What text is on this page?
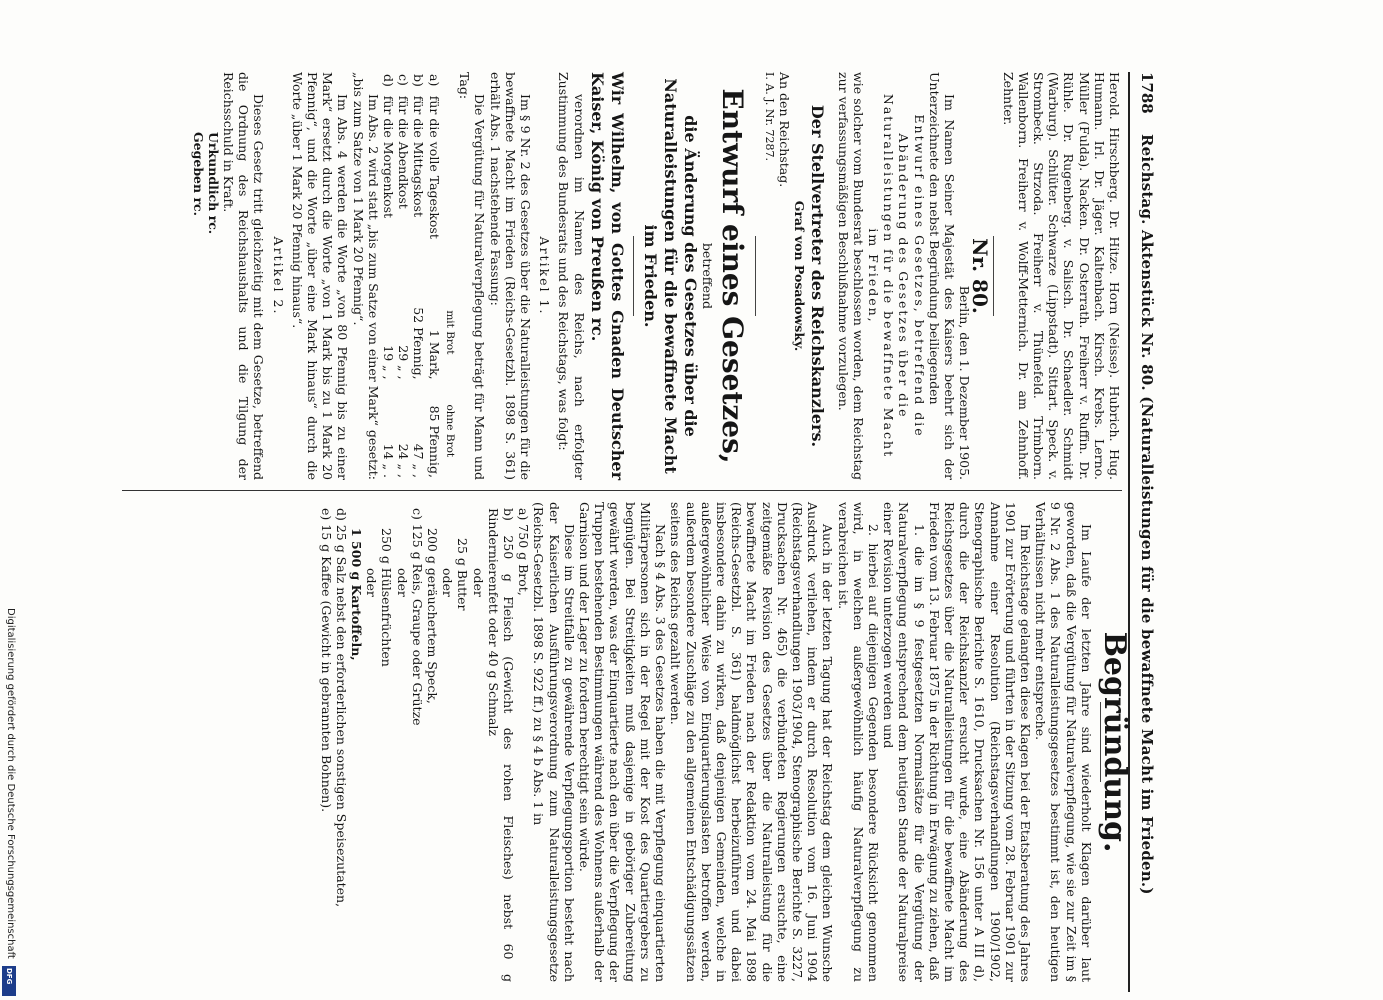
1788
Reichstag. Aktenstück Nr. 80. (Naturalleistungen für die bewaffnete Macht im Frieden.)

Herold. Hirschberg. Dr. Hitze. Horn (Neisse). Hubrich. Hug. Humann. Irl. Dr. Jäger. Kaltenbach. Kirsch. Krebs. Lerno. Müller (Fulda). Nacken. Dr. Osterrath. Freiherr v. Ruffin. Dr. Rühle. Dr. Rugenberg. v. Salisch. Dr. Schaedler. Schmidt (Warburg). Schlüter. Schwarze (Lippstadt). Sittart. Speck. v. Strombeck. Strzoda. Freiherr v. Thünefeld. Trimborn. Wallenborn. Freiherr v. Wolff-Metternich. Dr. am Zehnhoff. Zehnter.

Nr. 80.

Berlin, den 1. Dezember 1905.

Im Namen Seiner Majestät des Kaisers beehrt sich der Unterzeichnete den nebst Begründung beiliegenden

Entwurf eines Gesetzes, betreffend die Abänderung des Gesetzes über die Naturalleistungen für die bewaffnete Macht im Frieden,

wie solcher vom Bundesrat beschlossen worden, dem Reichstag zur verfassungsmäßigen Beschlußnahme vorzulegen.

Der Stellvertreter des Reichskanzlers.

Graf von Posadowsky.

An den Reichstag.

I. A. J. Nr. 7287.

Entwurf eines Gesetzes,

betreffend

die Änderung des Gesetzes über die Naturalleistungen für die bewaffnete Macht im Frieden.

Wir Wilhelm, von Gottes Gnaden Deutscher Kaiser, König von Preußen rc.

verordnen im Namen des Reichs, nach erfolgter Zustimmung des Bundesrats und des Reichstags, was folgt:

Artikel 1.

Im § 9 Nr. 2 des Gesetzes über die Naturalleistungen für die bewaffnete Macht im Frieden (Reichs-Gesetzbl. 1898 S. 361) erhält Abs. 1 nachstehende Fassung:

Die Vergütung für Naturalverpflegung beträgt für Mann und Tag:

		mit Brot	ohne Brot
a)	für die volle Tageskost	1 Mark,	85 Pfennig,
b)	für die Mittagskost	52 Pfennig,	47 „ ,
c)	für die Abendkost	29 „ ,	24 „ ,
d)	für die Morgenkost	19 „ ,	14 „ .

Im Abs. 2 wird statt „bis zum Satze von einer Mark“ gesetzt: „bis zum Satze von 1 Mark 20 Pfennig“.

Im Abs. 4 werden die Worte „von 80 Pfennig bis zu einer Mark“ ersetzt durch die Worte „von 1 Mark bis zu 1 Mark 20 Pfennig“, und die Worte „über eine Mark hinaus“ durch die Worte „über 1 Mark 20 Pfennig hinaus“.

Artikel 2.

Dieses Gesetz tritt gleichzeitig mit dem Gesetze, betreffend die Ordnung des Reichshaushalts und die Tilgung der Reichsschuld in Kraft.

Urkundlich rc.

Gegeben rc.

Begründung.

Im Laufe der letzten Jahre sind wiederholt Klagen darüber laut geworden, daß die Vergütung für Naturalverpflegung, wie sie zur Zeit im § 9 Nr. 2 Abs. 1 des Naturalleistungsgesetzes bestimmt ist, den heutigen Verhältnissen nicht mehr entspreche.

Im Reichstage gelangten diese Klagen bei der Etatsberatung des Jahres 1901 zur Erörterung und führten in der Sitzung vom 28. Februar 1901 zur Annahme einer Resolution (Reichstagsverhandlungen 1900/1902, Stenographische Berichte S. 1610, Drucksachen Nr. 156 unter A III d), durch die der Reichskanzler ersucht wurde, eine Abänderung des Reichsgesetzes über die Naturalleistungen für die bewaffnete Macht im Frieden vom 13. Februar 1875 in der Richtung in Erwägung zu ziehen, daß

1. die im § 9 festgesetzten Normalsätze für die Vergütung der Naturalverpflegung entsprechend dem heutigen Stande der Naturalpreise einer Revision unterzogen werden und

2. hierbei auf diejenigen Gegenden besondere Rücksicht genommen wird, in welchen außergewöhnlich häufig Naturalverpflegung zu verabreichen ist.

Auch in der letzten Tagung hat der Reichstag dem gleichen Wunsche Ausdruck verliehen, indem er durch Resolution vom 16. Juni 1904 (Reichstagsverhandlungen 1903/1904, Stenographische Berichte S. 3227, Drucksachen Nr. 465) die verbündeten Regierungen ersuchte, eine zeitgemäße Revision des Gesetzes über die Naturalleistung für die bewaffnete Macht im Frieden nach der Redaktion vom 24. Mai 1898 (Reichs-Gesetzbl. S. 361) baldmöglichst herbeizuführen und dabei insbesondere dahin zu wirken, daß denjenigen Gemeinden, welche in außergewöhnlicher Weise von Einquartierungslasten betroffen werden, außerdem besondere Zuschläge zu den allgemeinen Entschädigungssätzen seitens des Reichs gezahlt werden.

Nach § 4 Abs. 3 des Gesetzes haben die mit Verpflegung einquartierten Militärpersonen sich in der Regel mit der Kost des Quartiergebers zu begnügen. Bei Streitigkeiten muß dasjenige in geböriger Zubereitung gewährt werden, was der Einquartierte nach den über die Verpflegung der Truppen bestehenden Bestimmungen während des Wohnens außerhalb der Garnison und der Lager zu fordern berechtigt sein würde.

Diese im Streitfalle zu gewährende Verpflegungsportion besteht nach der Kaiserlichen Ausführungsverordnung zum Naturalleistungsgesetze (Reichs-Gesetzbl. 1898 S. 922 ff.) zu § 4 b Abs. 1 in

a) 750 g Brot,

b) 250 g Fleisch (Gewicht des rohen Fleisches) nebst 60 g Rindernierenfett oder 40 g Schmalz

oder

25 g Butter

oder

200 g geräuchertem Speck,

c) 125 g Reis, Graupe oder Grütze

oder

250 g Hülsenfrüchten

oder

1 500 g Kartoffeln,

d) 25 g Salz nebst den erforderlichen sonstigen Speisezutaten,

e) 15 g Kaffee (Gewicht in gebrannten Bohnen).

Digitalisierung gefördert durch die Deutsche Forschungsgemeinschaft
DFG
